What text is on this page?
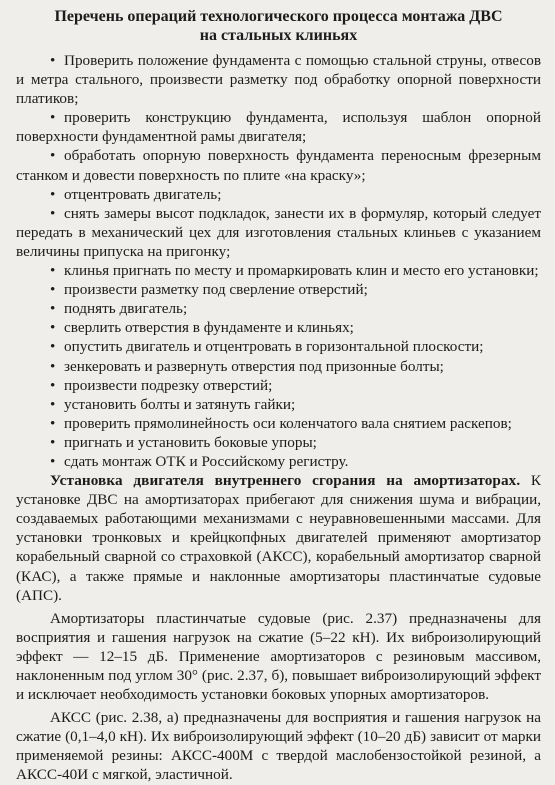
Перечень операций технологического процесса монтажа ДВС
на стальных клиньях
• Проверить положение фундамента с помощью стальной струны, отвесов и метра стального, произвести разметку под обработку опорной поверхности платиков;
• проверить конструкцию фундамента, используя шаблон опорной поверхности фундаментной рамы двигателя;
• обработать опорную поверхность фундамента переносным фрезерным станком и довести поверхность по плите «на краску»;
• отцентровать двигатель;
• снять замеры высот подкладок, занести их в формуляр, который следует передать в механический цех для изготовления стальных клиньев с указанием величины припуска на пригонку;
• клинья пригнать по месту и промаркировать клин и место его установки;
• произвести разметку под сверление отверстий;
• поднять двигатель;
• сверлить отверстия в фундаменте и клиньях;
• опустить двигатель и отцентровать в горизонтальной плоскости;
• зенкеровать и развернуть отверстия под призонные болты;
• произвести подрезку отверстий;
• установить болты и затянуть гайки;
• проверить прямолинейность оси коленчатого вала снятием раскепов;
• пригнать и установить боковые упоры;
• сдать монтаж ОТК и Российскому регистру.

Установка двигателя внутреннего сгорания на амортизаторах. К установке ДВС на амортизаторах прибегают для снижения шума и вибрации, создаваемых работающими механизмами с неуравновешенными массами. Для установки тронковых и крейцкопфных двигателей применяют амортизатор корабельный сварной со страховкой (АКСС), корабельный амортизатор сварной (КАС), а также прямые и наклонные амортизаторы пластинчатые судовые (АПС).

Амортизаторы пластинчатые судовые (рис. 2.37) предназначены для восприятия и гашения нагрузок на сжатие (5–22 кН). Их виброизолирующий эффект — 12–15 дБ. Применение амортизаторов с резиновым массивом, наклоненным под углом 30° (рис. 2.37, б), повышает виброизолирующий эффект и исключает необходимость установки боковых упорных амортизаторов.

АКСС (рис. 2.38, а) предназначены для восприятия и гашения нагрузок на сжатие (0,1–4,0 кН). Их виброизолирующий эффект (10–20 дБ) зависит от марки применяемой резины: АКСС-400М с твердой маслобензостойкой резиной, а АКСС-40И с мягкой, эластичной.
